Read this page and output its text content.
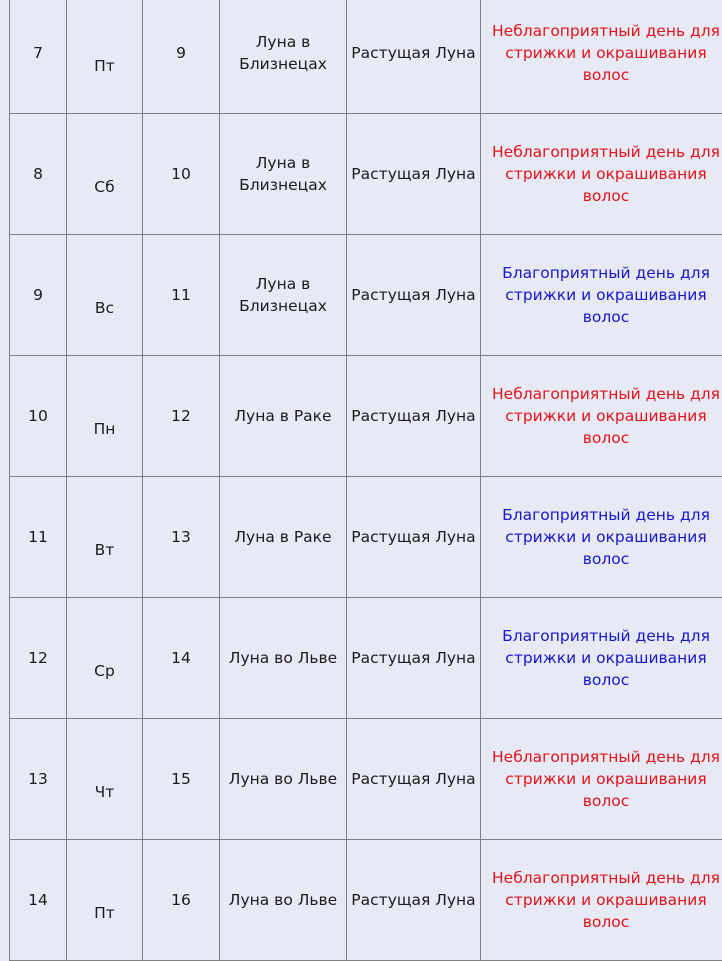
7	Пт	9	Луна в Близнецах	Растущая Луна	Неблагоприятный день для стрижки и окрашивания волос
8	Сб	10	Луна в Близнецах	Растущая Луна	Неблагоприятный день для стрижки и окрашивания волос
9	Вс	11	Луна в Близнецах	Растущая Луна	Благоприятный день для стрижки и окрашивания волос
10	Пн	12	Луна в Раке	Растущая Луна	Неблагоприятный день для стрижки и окрашивания волос
11	Вт	13	Луна в Раке	Растущая Луна	Благоприятный день для стрижки и окрашивания волос
12	Ср	14	Луна во Льве	Растущая Луна	Благоприятный день для стрижки и окрашивания волос
13	Чт	15	Луна во Льве	Растущая Луна	Неблагоприятный день для стрижки и окрашивания волос
14	Пт	16	Луна во Льве	Растущая Луна	Неблагоприятный день для стрижки и окрашивания волос
